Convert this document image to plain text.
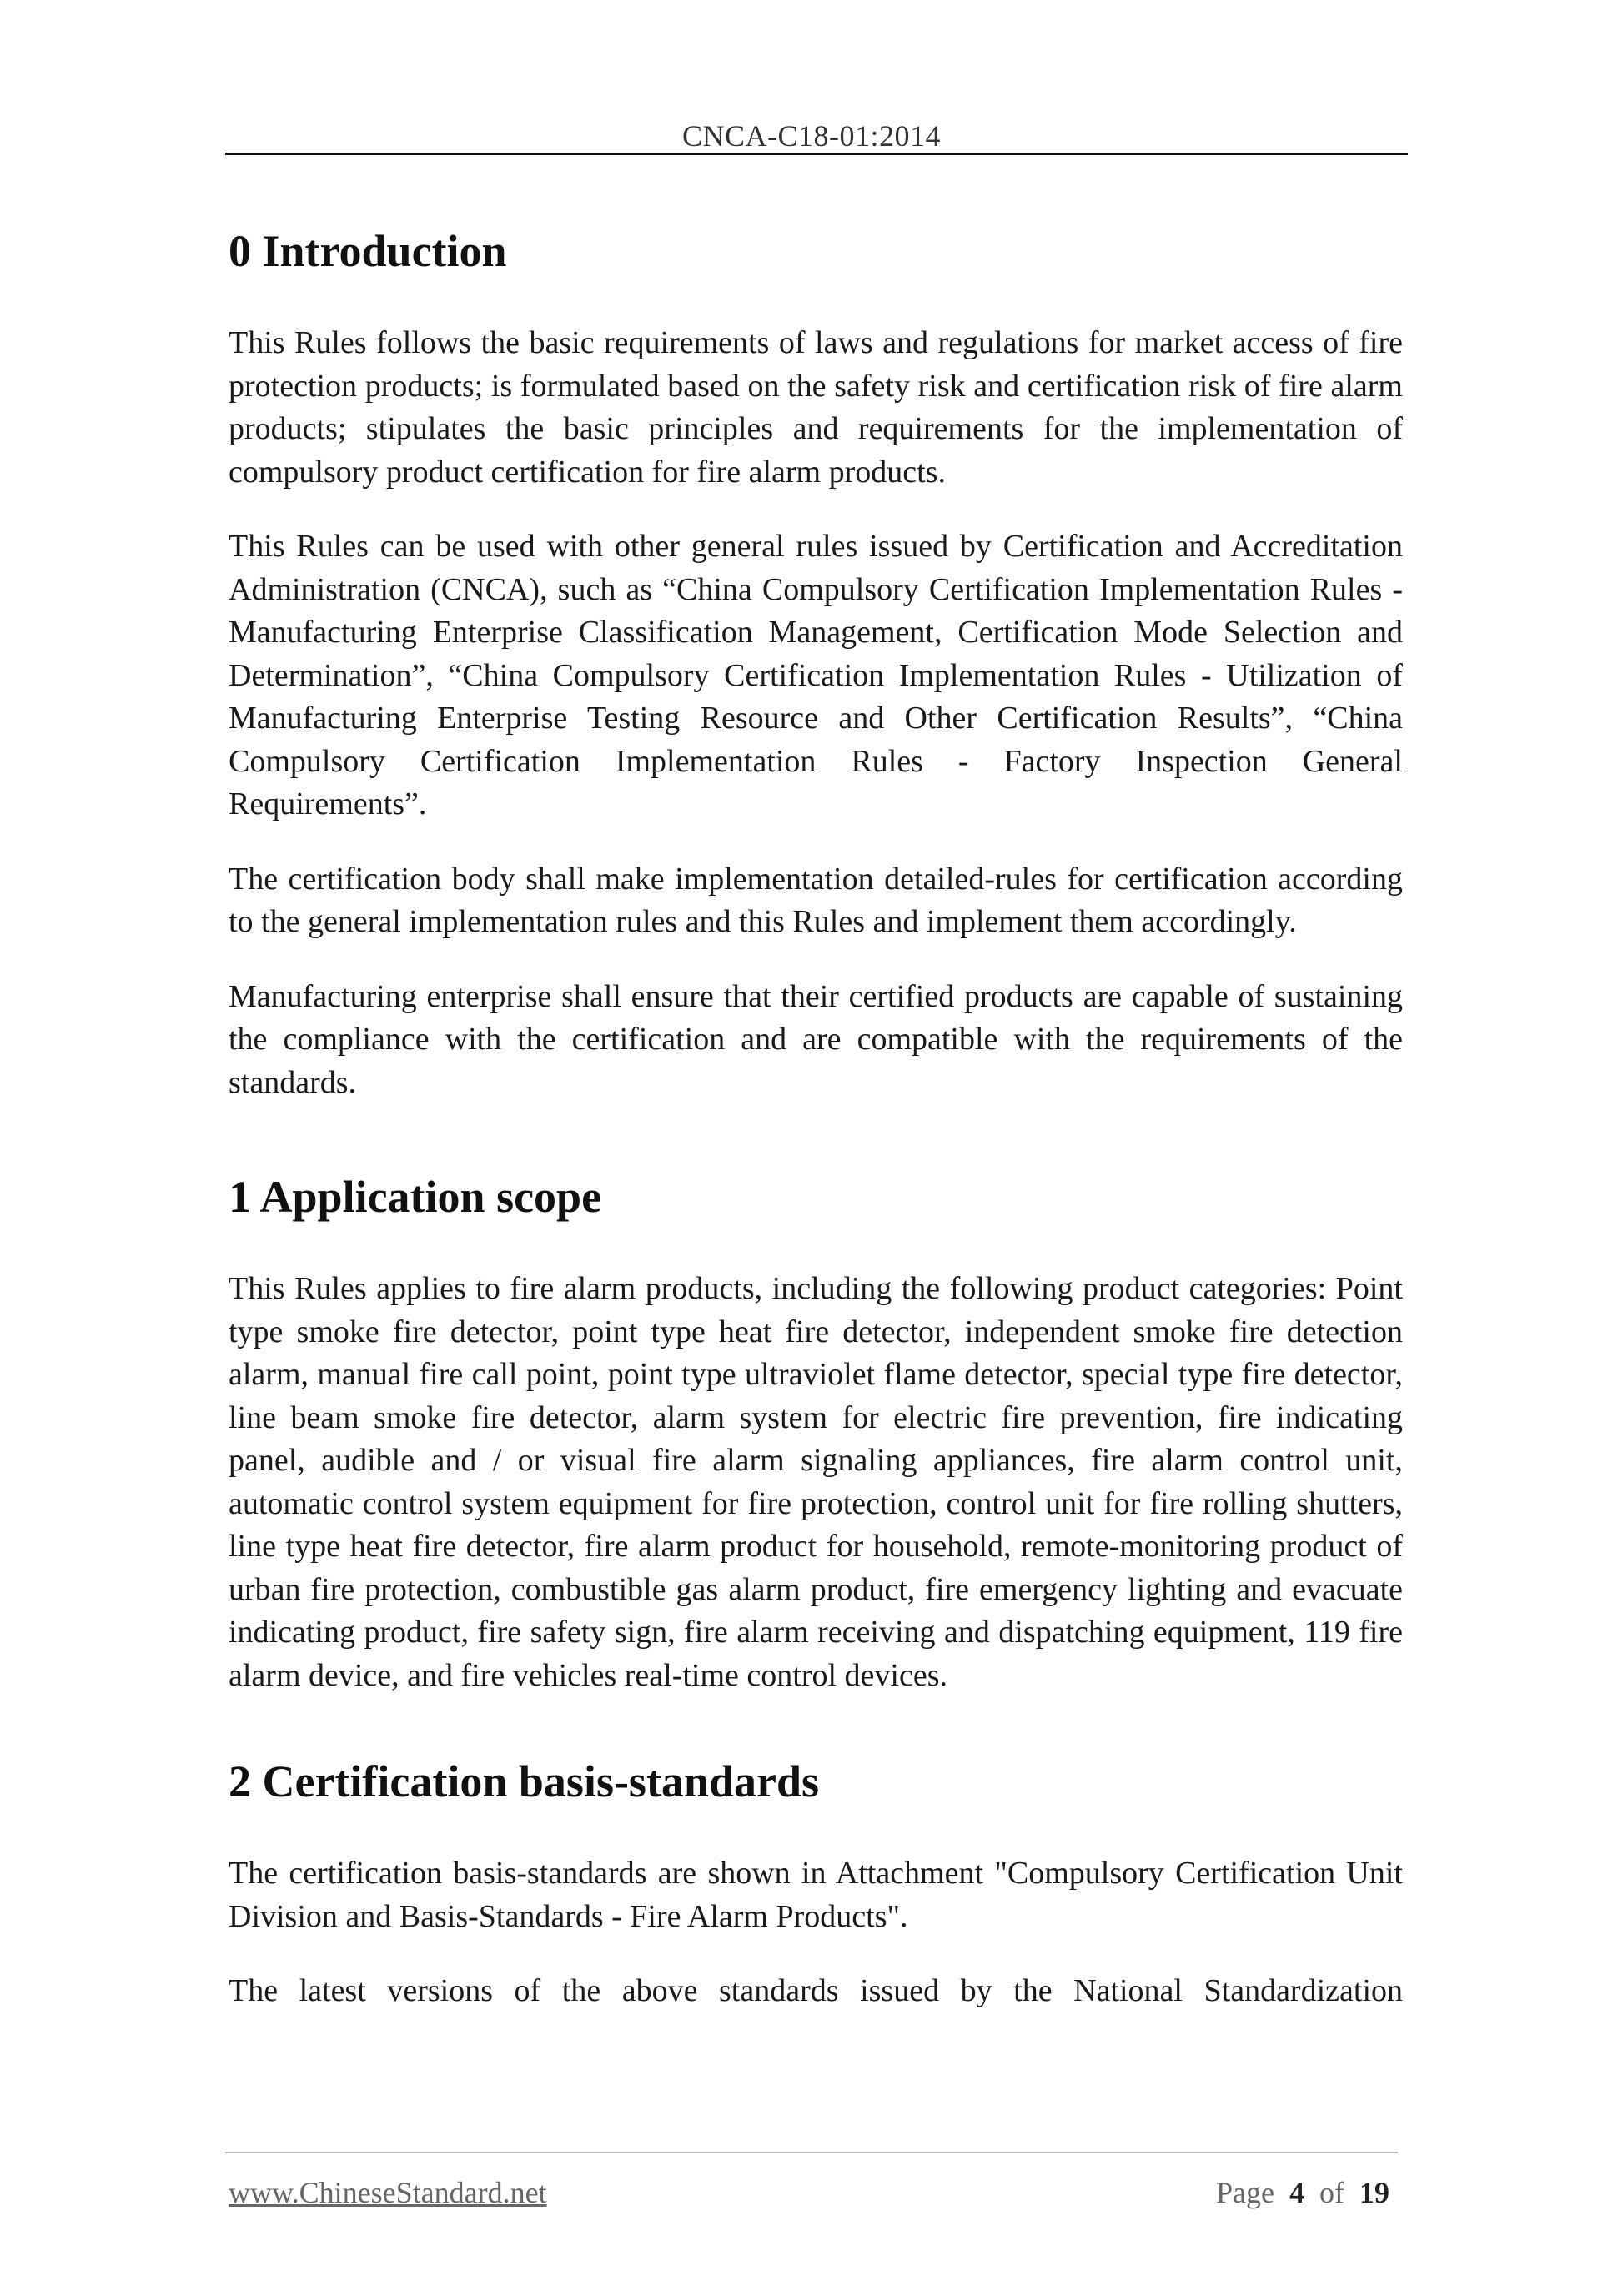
CNCA-C18-01:2014
0 Introduction

This Rules follows the basic requirements of laws and regulations for market access of fire protection products; is formulated based on the safety risk and certification risk of fire alarm products; stipulates the basic principles and requirements for the implementation of compulsory product certification for fire alarm products.

This Rules can be used with other general rules issued by Certification and Accreditation Administration (CNCA), such as “China Compulsory Certification Implementation Rules - Manufacturing Enterprise Classification Management, Certification Mode Selection and Determination”, “China Compulsory Certification Implementation Rules - Utilization of Manufacturing Enterprise Testing Resource and Other Certification Results”, “China Compulsory Certification Implementation Rules - Factory Inspection General Requirements”.

The certification body shall make implementation detailed-rules for certification according to the general implementation rules and this Rules and implement them accordingly.

Manufacturing enterprise shall ensure that their certified products are capable of sustaining the compliance with the certification and are compatible with the requirements of the standards.

1 Application scope

This Rules applies to fire alarm products, including the following product categories: Point type smoke fire detector, point type heat fire detector, independent smoke fire detection alarm, manual fire call point, point type ultraviolet flame detector, special type fire detector, line beam smoke fire detector, alarm system for electric fire prevention, fire indicating panel, audible and / or visual fire alarm signaling appliances, fire alarm control unit, automatic control system equipment for fire protection, control unit for fire rolling shutters, line type heat fire detector, fire alarm product for household, remote-monitoring product of urban fire protection, combustible gas alarm product, fire emergency lighting and evacuate indicating product, fire safety sign, fire alarm receiving and dispatching equipment, 119 fire alarm device, and fire vehicles real-time control devices.

2 Certification basis-standards

The certification basis-standards are shown in Attachment "Compulsory Certification Unit Division and Basis-Standards - Fire Alarm Products".

The latest versions of the above standards issued by the National Standardization

www.ChineseStandard.net	Page 4 of 19
